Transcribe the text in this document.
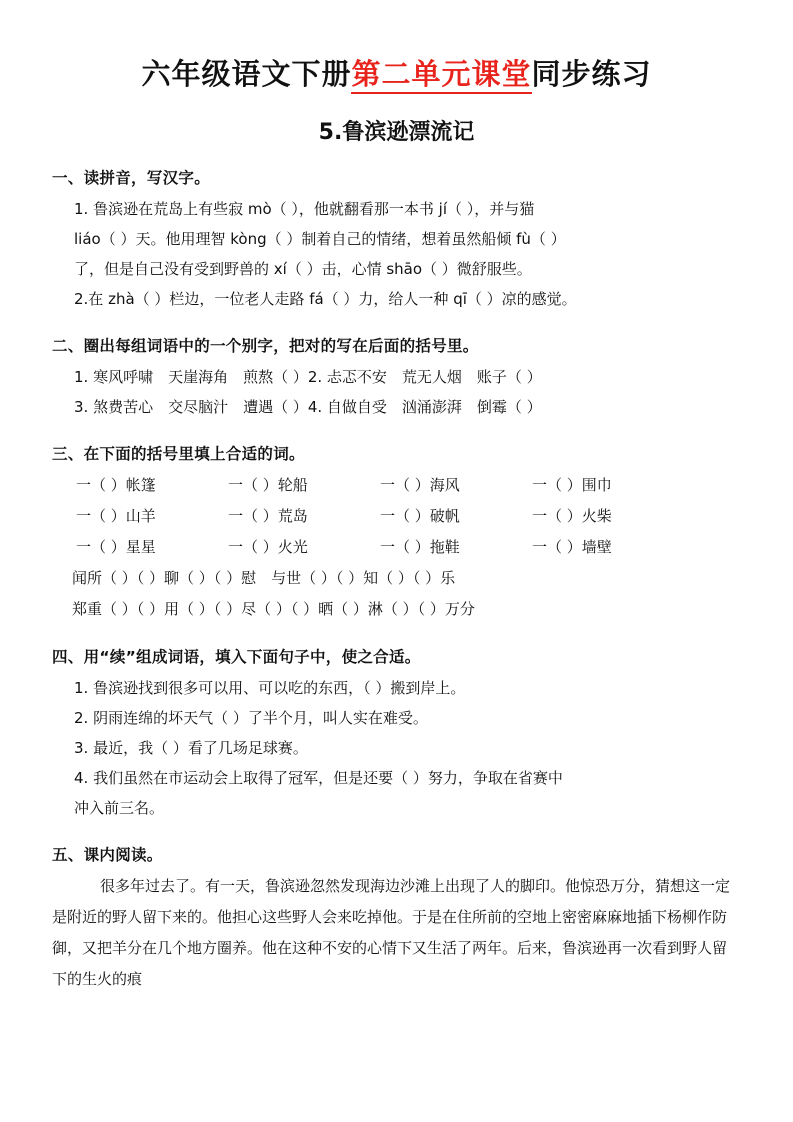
六年级语文下册第二单元课堂同步练习
5.鲁滨逊漂流记
一、读拼音，写汉字。
1. 鲁滨逊在荒岛上有些寂 mò（ ），他就翻看那一本书 jí（ ），并与猫
liáo（ ）天。他用理智 kòng（ ）制着自己的情绪，想着虽然船倾 fù（ ）
了，但是自己没有受到野兽的 xí（ ）击，心情 shāo（ ）微舒服些。
2.在 zhà（ ）栏边，一位老人走路 fá（ ）力，给人一种 qī（ ）凉的感觉。
二、圈出每组词语中的一个别字，把对的写在后面的括号里。
1. 寒风呼啸　天崖海角　煎熬（ ）2. 忐忑不安　荒无人烟　账子（ ）
3. 煞费苦心　交尽脑汁　遭遇（ ）4. 自做自受　汹涌澎湃　倒霉（ ）
三、在下面的括号里填上合适的词。
一（ ）帐篷	一（ ）轮船	一（ ）海风	一（ ）围巾
一（ ）山羊	一（ ）荒岛	一（ ）破帆	一（ ）火柴
一（ ）星星	一（ ）火光	一（ ）拖鞋	一（ ）墙壁
闻所（ ）（ ）聊（ ）（ ）慰　与世（ ）（ ）知（ ）（ ）乐
郑重（ ）（ ）用（ ）（ ）尽（ ）（ ）晒（ ）淋（ ）（ ）万分
四、用“续”组成词语，填入下面句子中，使之合适。
1. 鲁滨逊找到很多可以用、可以吃的东西，（ ）搬到岸上。
2. 阴雨连绵的坏天气（ ）了半个月，叫人实在难受。
3. 最近，我（ ）看了几场足球赛。
4. 我们虽然在市运动会上取得了冠军，但是还要（ ）努力，争取在省赛中
冲入前三名。
五、课内阅读。

很多年过去了。有一天，鲁滨逊忽然发现海边沙滩上出现了人的脚印。他惊恐万分，猜想这一定是附近的野人留下来的。他担心这些野人会来吃掉他。于是在住所前的空地上密密麻麻地插下杨柳作防御，又把羊分在几个地方圈养。他在这种不安的心情下又生活了两年。后来，鲁滨逊再一次看到野人留下的生火的痕
